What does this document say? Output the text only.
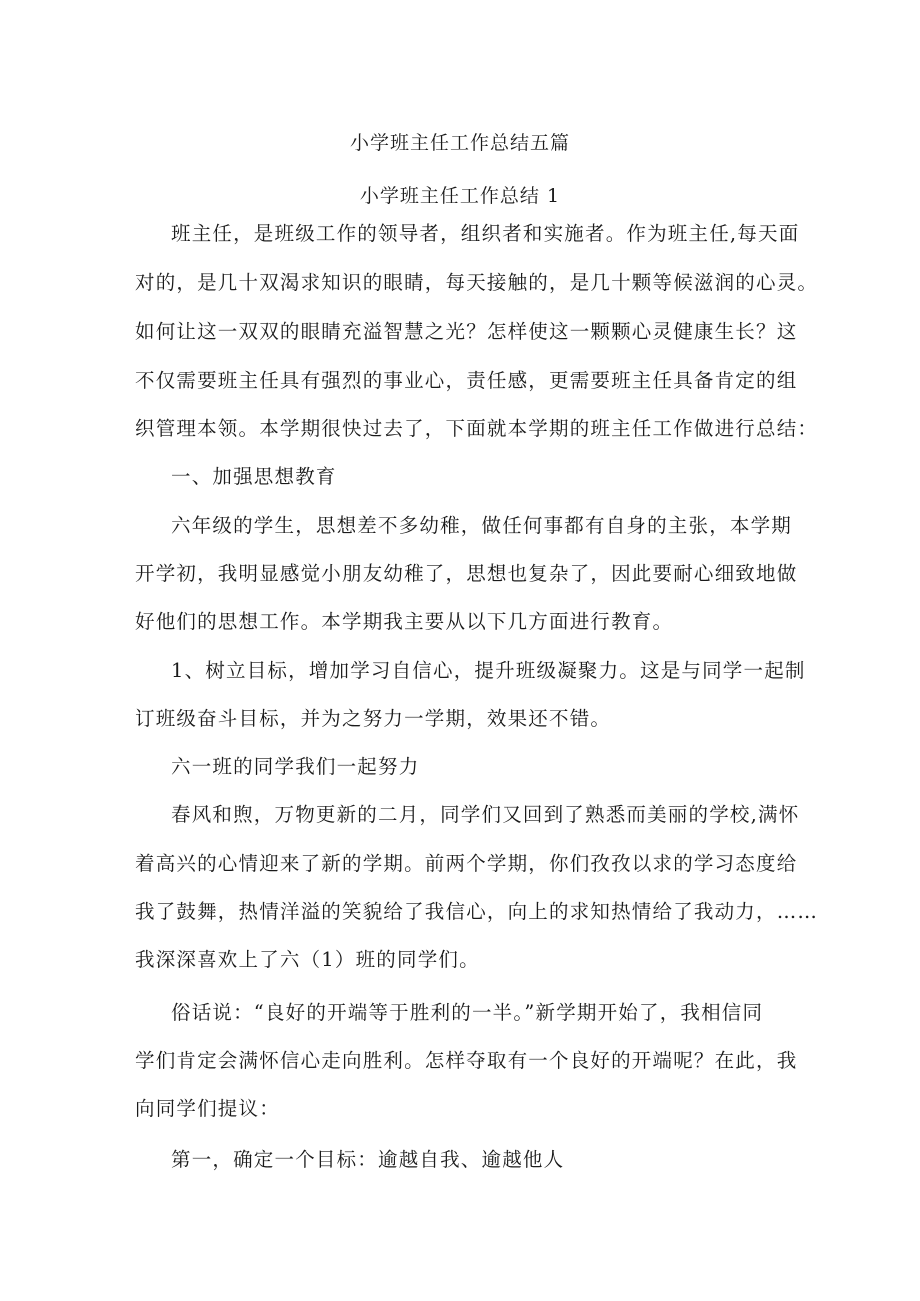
小学班主任工作总结五篇
小学班主任工作总结 1
班主任，是班级工作的领导者，组织者和实施者。作为班主任,每天面
对的，是几十双渴求知识的眼睛，每天接触的，是几十颗等候滋润的心灵。
如何让这一双双的眼睛充溢智慧之光？怎样使这一颗颗心灵健康生长？这
不仅需要班主任具有强烈的事业心，责任感，更需要班主任具备肯定的组
织管理本领。本学期很快过去了，下面就本学期的班主任工作做进行总结：
一、加强思想教育
六年级的学生，思想差不多幼稚，做任何事都有自身的主张，本学期
开学初，我明显感觉小朋友幼稚了，思想也复杂了，因此要耐心细致地做
好他们的思想工作。本学期我主要从以下几方面进行教育。
1、树立目标，增加学习自信心，提升班级凝聚力。这是与同学一起制
订班级奋斗目标，并为之努力一学期，效果还不错。
六一班的同学我们一起努力
春风和煦，万物更新的二月，同学们又回到了熟悉而美丽的学校,满怀
着高兴的心情迎来了新的学期。前两个学期，你们孜孜以求的学习态度给
我了鼓舞，热情洋溢的笑貌给了我信心，向上的求知热情给了我动力，……
我深深喜欢上了六（1）班的同学们。
俗话说：“良好的开端等于胜利的一半。”新学期开始了，我相信同
学们肯定会满怀信心走向胜利。怎样夺取有一个良好的开端呢？在此，我
向同学们提议：
第一，确定一个目标：逾越自我、逾越他人
